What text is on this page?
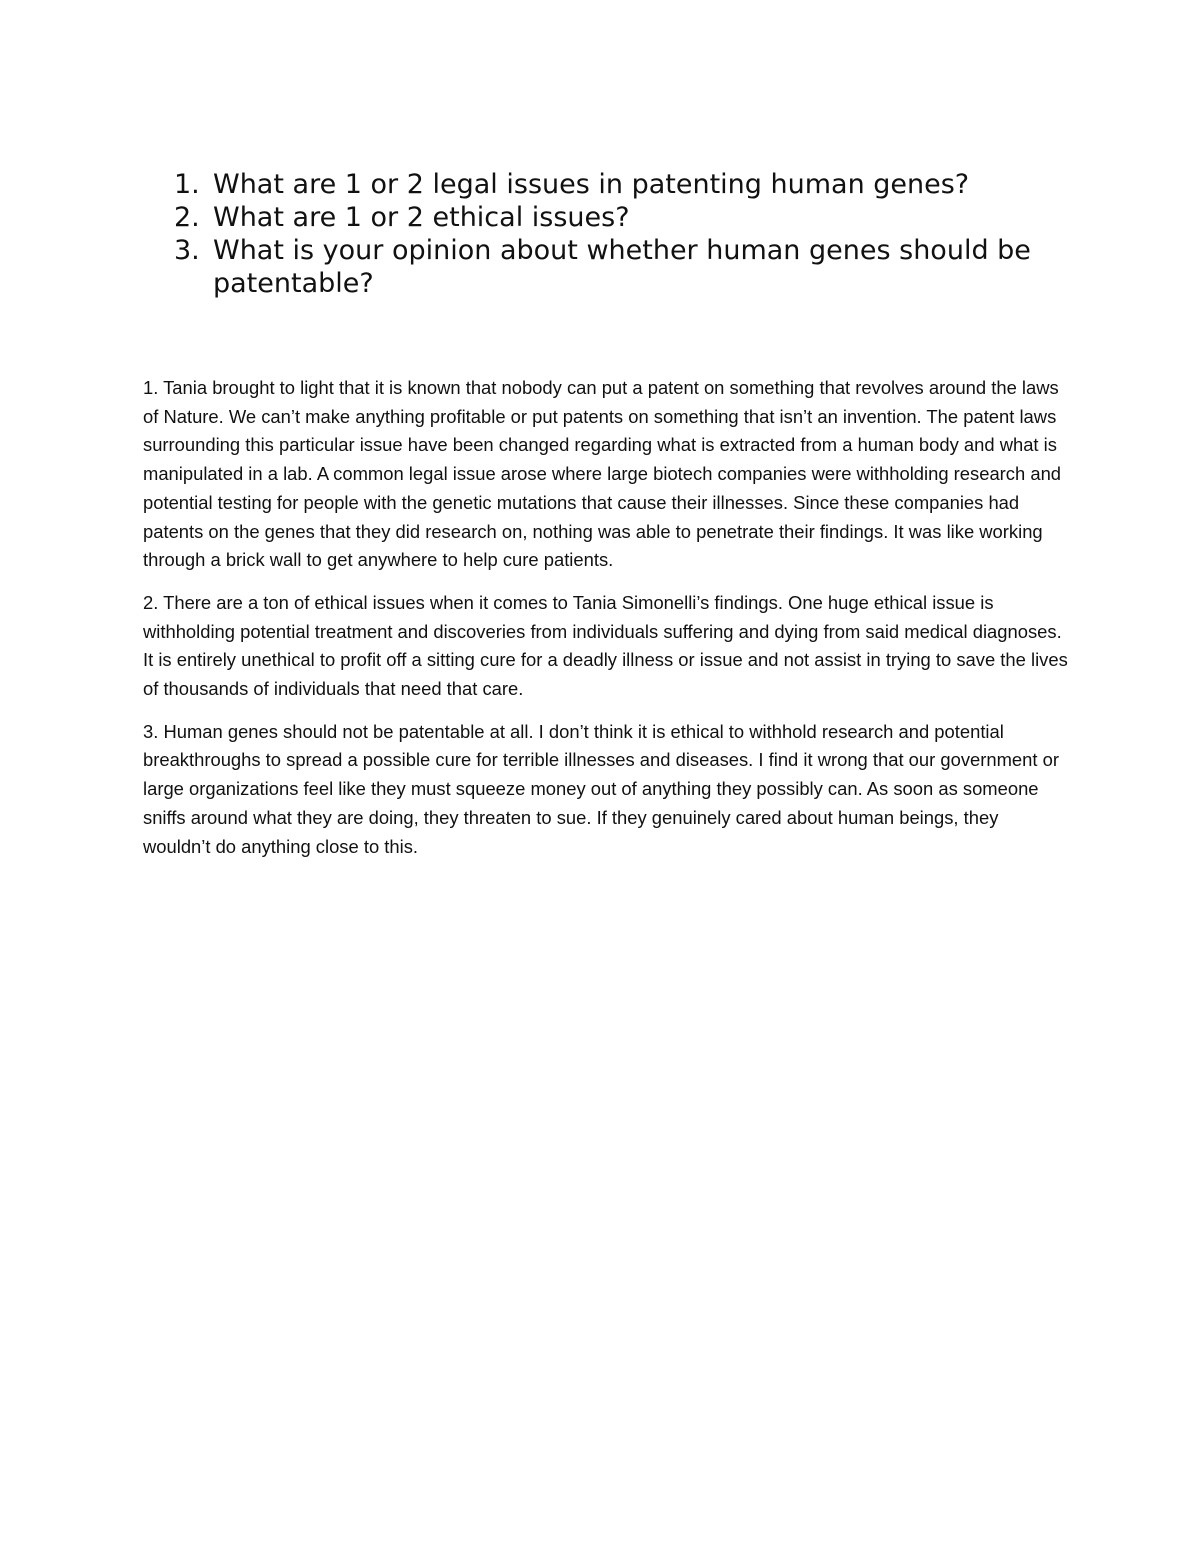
1. What are 1 or 2 legal issues in patenting human genes?
2. What are 1 or 2 ethical issues?
3. What is your opinion about whether human genes should be patentable?

1. Tania brought to light that it is known that nobody can put a patent on something that revolves around the laws of Nature. We can’t make anything profitable or put patents on something that isn’t an invention. The patent laws surrounding this particular issue have been changed regarding what is extracted from a human body and what is manipulated in a lab. A common legal issue arose where large biotech companies were withholding research and potential testing for people with the genetic mutations that cause their illnesses. Since these companies had patents on the genes that they did research on, nothing was able to penetrate their findings. It was like working through a brick wall to get anywhere to help cure patients.

2. There are a ton of ethical issues when it comes to Tania Simonelli’s findings. One huge ethical issue is withholding potential treatment and discoveries from individuals suffering and dying from said medical diagnoses. It is entirely unethical to profit off a sitting cure for a deadly illness or issue and not assist in trying to save the lives of thousands of individuals that need that care.

3. Human genes should not be patentable at all. I don’t think it is ethical to withhold research and potential breakthroughs to spread a possible cure for terrible illnesses and diseases. I find it wrong that our government or large organizations feel like they must squeeze money out of anything they possibly can. As soon as someone sniffs around what they are doing, they threaten to sue. If they genuinely cared about human beings, they wouldn’t do anything close to this.
